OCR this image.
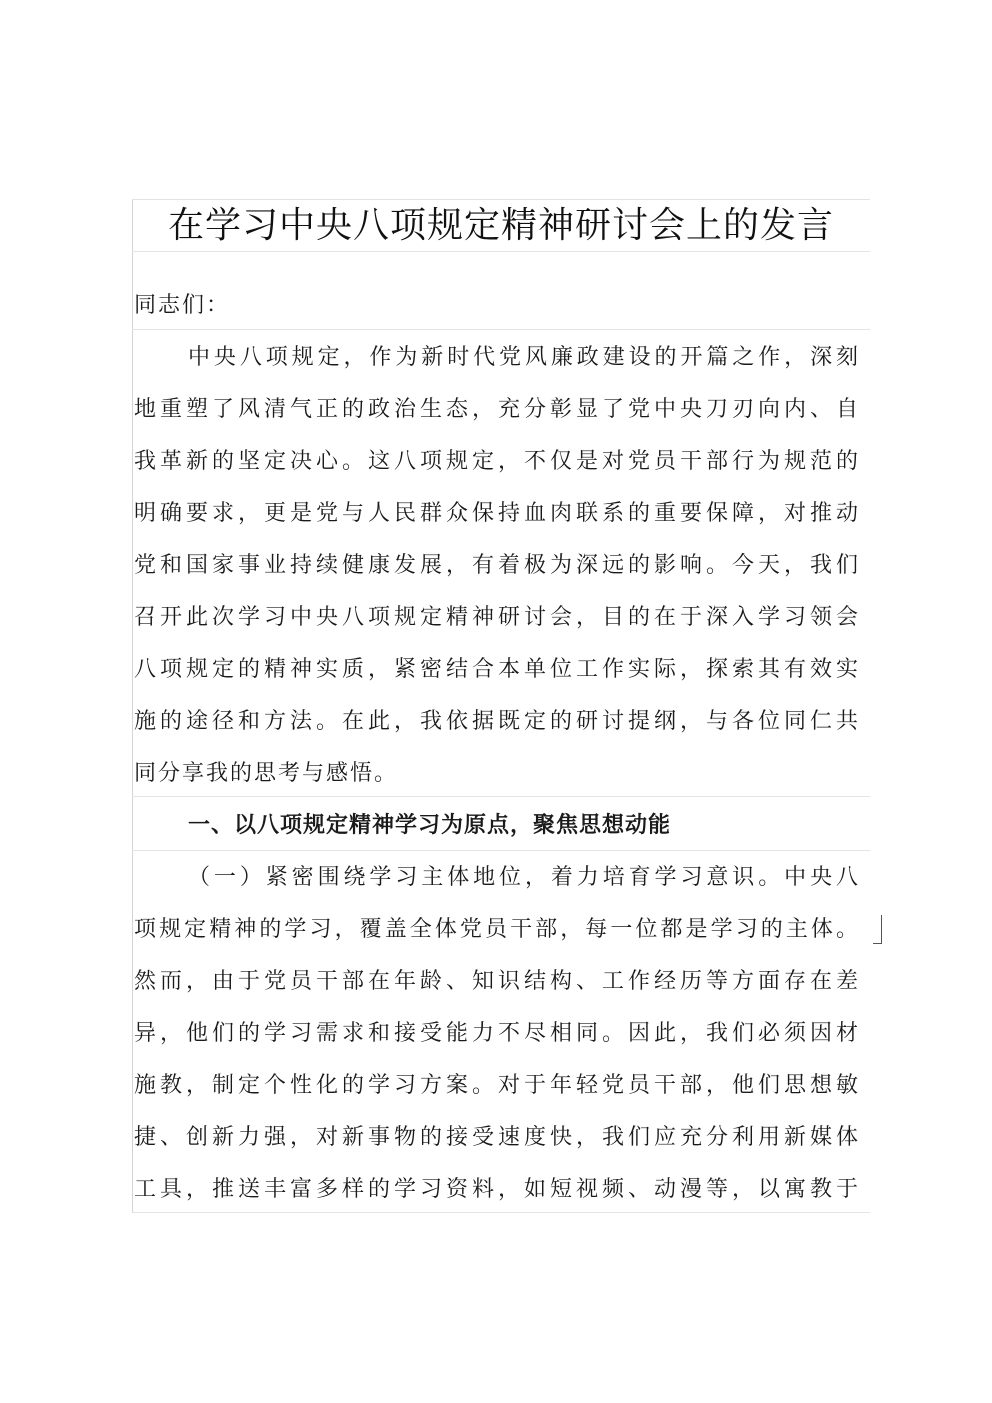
在学习中央八项规定精神研讨会上的发言
同志们：
中央八项规定，作为新时代党风廉政建设的开篇之作，深刻
地重塑了风清气正的政治生态，充分彰显了党中央刀刃向内、自
我革新的坚定决心。这八项规定，不仅是对党员干部行为规范的
明确要求，更是党与人民群众保持血肉联系的重要保障，对推动
党和国家事业持续健康发展，有着极为深远的影响。今天，我们
召开此次学习中央八项规定精神研讨会，目的在于深入学习领会
八项规定的精神实质，紧密结合本单位工作实际，探索其有效实
施的途径和方法。在此，我依据既定的研讨提纲，与各位同仁共
同分享我的思考与感悟。
一、以八项规定精神学习为原点，聚焦思想动能
（一）紧密围绕学习主体地位，着力培育学习意识。中央八
项规定精神的学习，覆盖全体党员干部，每一位都是学习的主体。
然而，由于党员干部在年龄、知识结构、工作经历等方面存在差
异，他们的学习需求和接受能力不尽相同。因此，我们必须因材
施教，制定个性化的学习方案。对于年轻党员干部，他们思想敏
捷、创新力强，对新事物的接受速度快，我们应充分利用新媒体
工具，推送丰富多样的学习资料，如短视频、动漫等，以寓教于
